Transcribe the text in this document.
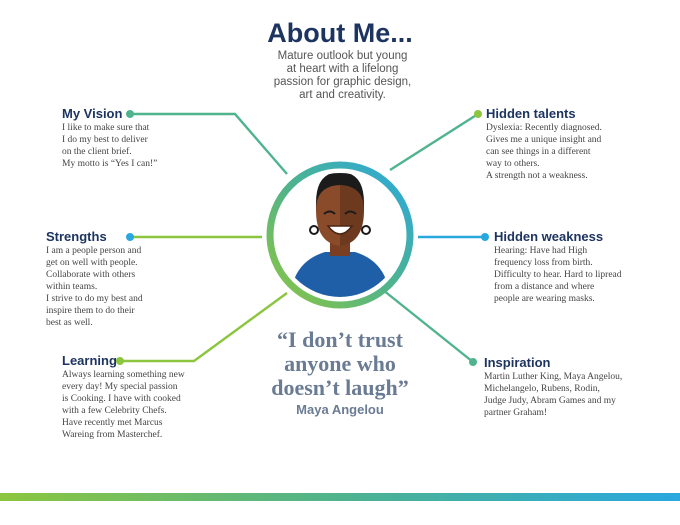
About Me...
Mature outlook but young
at heart with a lifelong
passion for graphic design,
art and creativity.
My Vision
I like to make sure that
I do my best to deliver
on the client brief.
My motto is “Yes I can!”
Strengths
I am a people person and
get on well with people.
Collaborate with others
within teams.
I strive to do my best and
inspire them to do their
best as well.
Learning
Always learning something new
every day! My special passion
is Cooking. I have with cooked
with a few Celebrity Chefs.
Have recently met Marcus
Wareing from Masterchef.
Hidden talents
Dyslexia: Recently diagnosed.
Gives me a unique insight and
can see things in a different
way to others.
A strength not a weakness.
Hidden weakness
Hearing: Have had High
frequency loss from birth.
Difficulty to hear. Hard to lipread
from a distance and where
people are wearing masks.
Inspiration
Martin Luther King, Maya Angelou,
Michelangelo, Rubens, Rodin,
Judge Judy, Abram Games and my
partner Graham!
“I don’t trust
anyone who
doesn’t laugh”
Maya Angelou
